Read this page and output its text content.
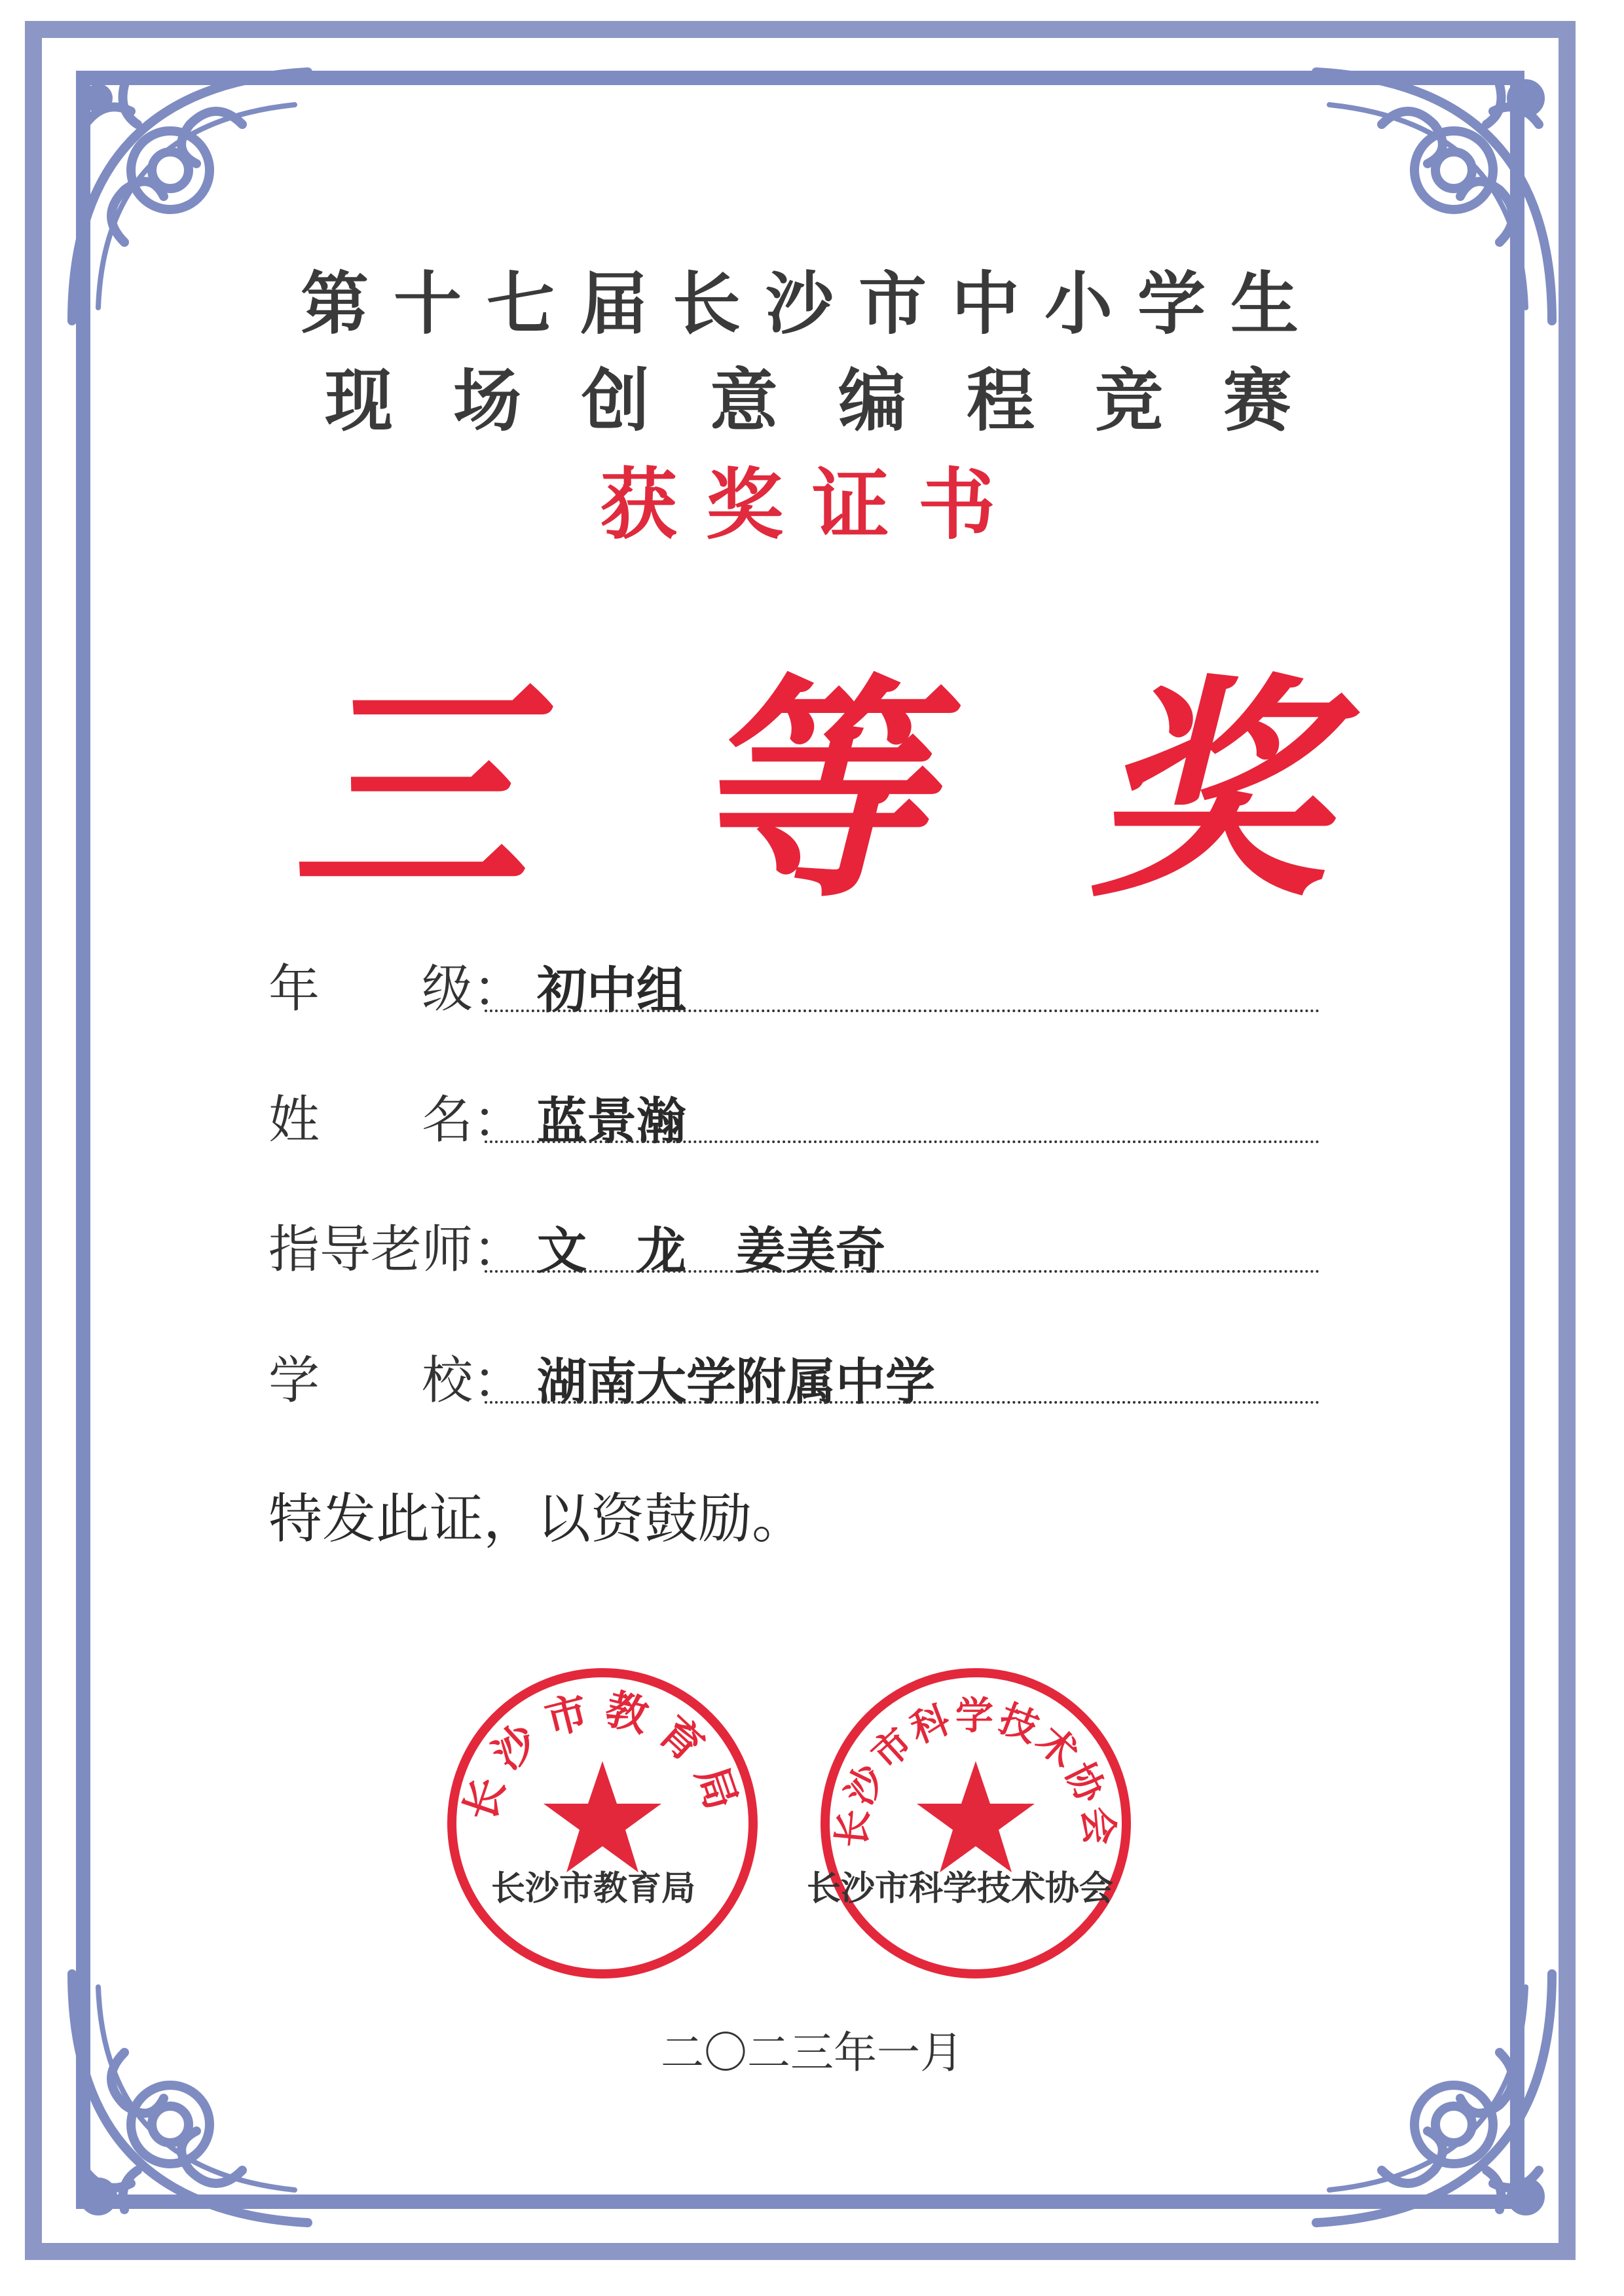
第十七届长沙市中小学生
现场创意编程竞赛
获奖证书
三等奖
年　　级： 初中组
姓　　名： 蓝景瀚
指导老师： 文　龙　姜美奇
学　　校： 湖南大学附属中学
特发此证，以资鼓励。
长沙市教育局
长沙市教育局
长沙市科学技术协会
长沙市科学技术协会
二〇二三年一月
